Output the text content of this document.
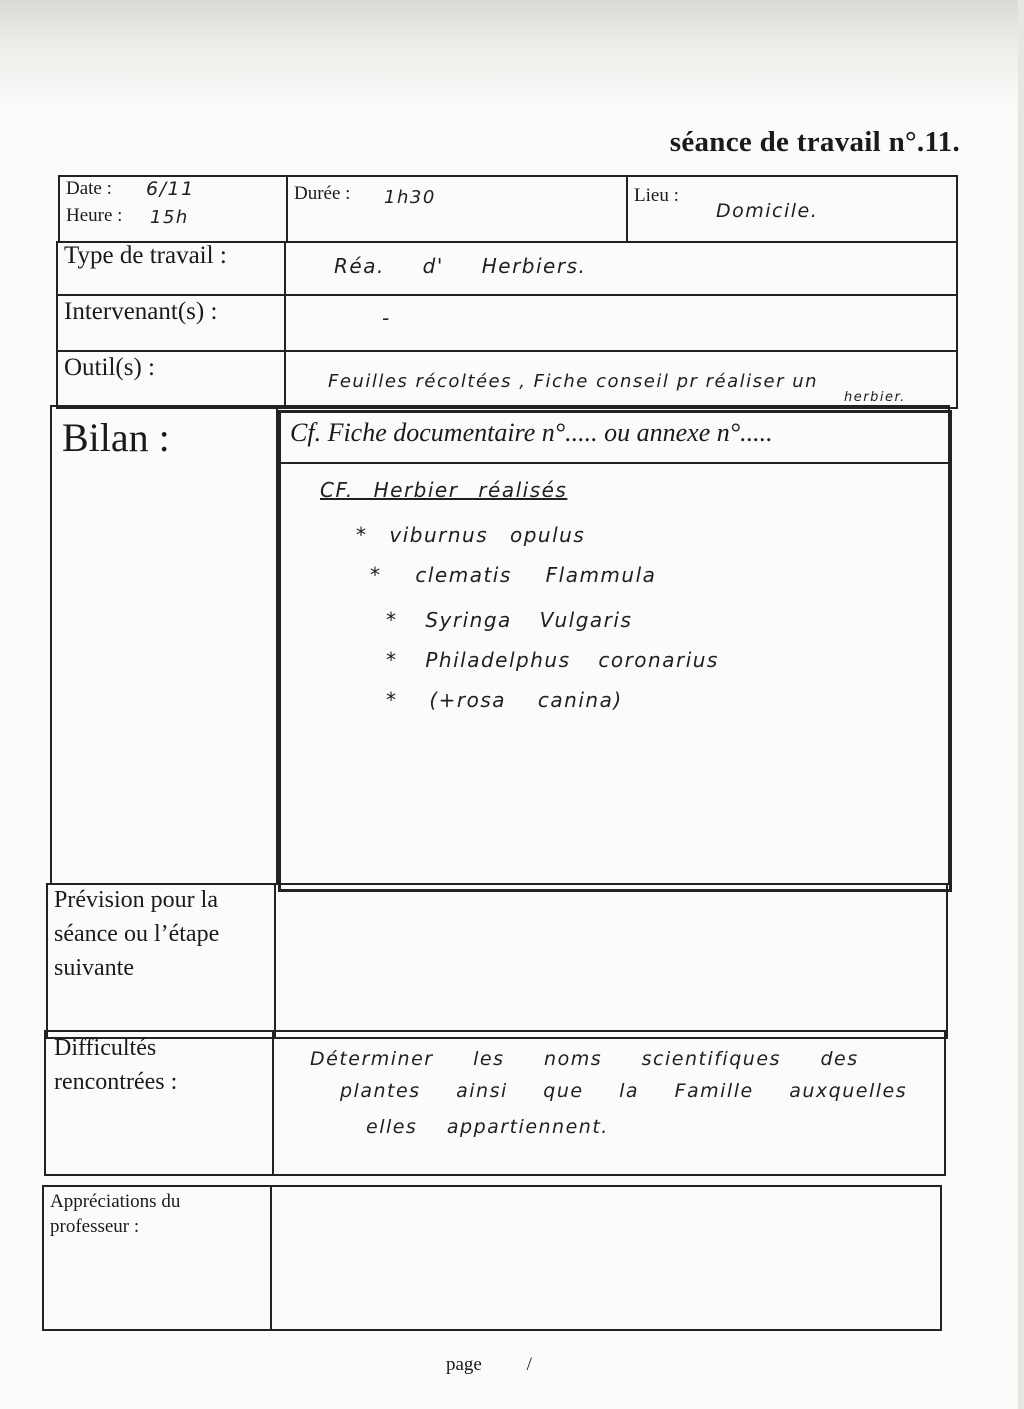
séance de travail n°.11.
Date : 6/11
Heure : 15h
Durée : 1h30	Lieu :
Domicile.
Type de travail :	Réa. d' Herbiers.
Intervenant(s) :	-
Outil(s) :
Feuilles récoltées , Fiche conseil pr réaliser un
herbier.
Bilan :	Cf. Fiche documentaire n°..... ou annexe n°.....
CF. Herbier réalisés
* viburnus opulus
* clematis Flammula
* Syringa Vulgaris
* Philadelphus coronarius
* (+rosa canina)
Prévision pour la
séance ou l’étape
suivante
Difficultés
rencontrées :
Déterminer les noms scientifiques des
plantes ainsi que la Famille auxquelles
elles appartiennent.
Appréciations du
professeur :
page /
